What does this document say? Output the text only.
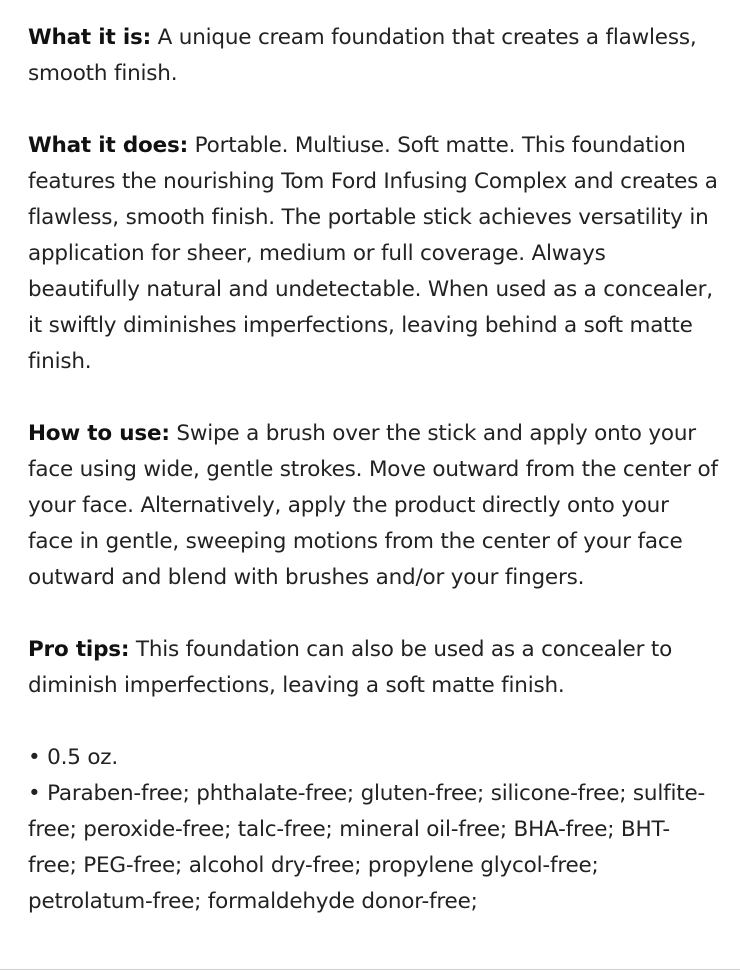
What it is: A unique cream foundation that creates a flawless, smooth finish.

What it does: Portable. Multiuse. Soft matte. This foundation features the nourishing Tom Ford Infusing Complex and creates a flawless, smooth finish. The portable stick achieves versatility in application for sheer, medium or full coverage. Always beautifully natural and undetectable. When used as a concealer, it swiftly diminishes imperfections, leaving behind a soft matte finish.

How to use: Swipe a brush over the stick and apply onto your face using wide, gentle strokes. Move outward from the center of your face. Alternatively, apply the product directly onto your face in gentle, sweeping motions from the center of your face outward and blend with brushes and/or your fingers.

Pro tips: This foundation can also be used as a concealer to diminish imperfections, leaving a soft matte finish.

• 0.5 oz.
• Paraben-free; phthalate-free; gluten-free; silicone-free; sulfite-free; peroxide-free; talc-free; mineral oil-free; BHA-free; BHT-free; PEG-free; alcohol dry-free; propylene glycol-free; petrolatum-free; formaldehyde donor-free;
